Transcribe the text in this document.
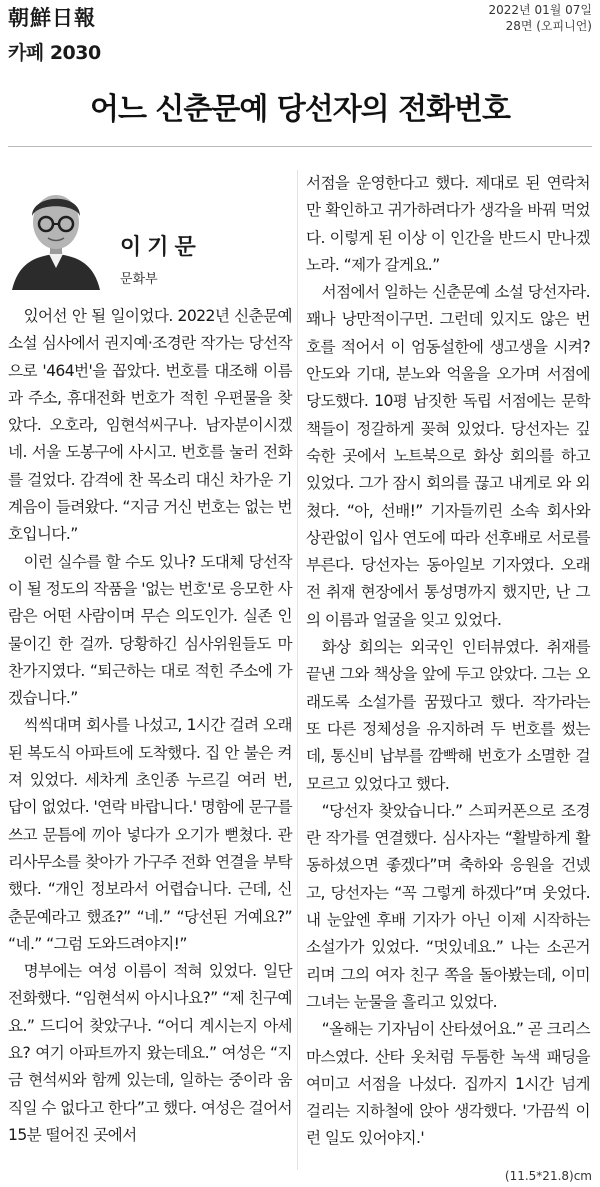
朝鮮日報
카페 2030
2022년 01월 07일
28면 (오피니언)
어느 신춘문예 당선자의 전화번호
이기문
문화부

있어선 안 될 일이었다. 2022년 신춘문예 소설 심사에서 권지예·조경란 작가는 당선작으로 '464번'을 꼽았다. 번호를 대조해 이름과 주소, 휴대전화 번호가 적힌 우편물을 찾았다. 오호라, 임현석씨구나. 남자분이시겠네. 서울 도봉구에 사시고. 번호를 눌러 전화를 걸었다. 감격에 찬 목소리 대신 차가운 기계음이 들려왔다. “지금 거신 번호는 없는 번호입니다.”

이런 실수를 할 수도 있나? 도대체 당선작이 될 정도의 작품을 '없는 번호'로 응모한 사람은 어떤 사람이며 무슨 의도인가. 실존 인물이긴 한 걸까. 당황하긴 심사위원들도 마찬가지였다. “퇴근하는 대로 적힌 주소에 가겠습니다.”

씩씩대며 회사를 나섰고, 1시간 걸려 오래된 복도식 아파트에 도착했다. 집 안 불은 켜져 있었다. 세차게 초인종 누르길 여러 번, 답이 없었다. '연락 바랍니다.' 명함에 문구를 쓰고 문틈에 끼아 넣다가 오기가 뻗쳤다. 관리사무소를 찾아가 가구주 전화 연결을 부탁했다. “개인 정보라서 어렵습니다. 근데, 신춘문예라고 했죠?” “네.” “당선된 거예요?” “네.” “그럼 도와드려야지!”

명부에는 여성 이름이 적혀 있었다. 일단 전화했다. “임현석씨 아시나요?” “제 친구예요.” 드디어 찾았구나. “어디 계시는지 아세요? 여기 아파트까지 왔는데요.” 여성은 “지금 현석씨와 함께 있는데, 일하는 중이라 움직일 수 없다고 한다”고 했다. 여성은 걸어서 15분 떨어진 곳에서

서점을 운영한다고 했다. 제대로 된 연락처만 확인하고 귀가하려다가 생각을 바꿔 먹었다. 이렇게 된 이상 이 인간을 반드시 만나겠노라. “제가 갈게요.”

서점에서 일하는 신춘문예 소설 당선자라. 꽤나 낭만적이구먼. 그런데 있지도 않은 번호를 적어서 이 엄동설한에 생고생을 시켜? 안도와 기대, 분노와 억울을 오가며 서점에 당도했다. 10평 남짓한 독립 서점에는 문학 책들이 정갈하게 꽂혀 있었다. 당선자는 깊숙한 곳에서 노트북으로 화상 회의를 하고 있었다. 그가 잠시 회의를 끊고 내게로 와 외쳤다. “아, 선배!” 기자들끼린 소속 회사와 상관없이 입사 연도에 따라 선후배로 서로를 부른다. 당선자는 동아일보 기자였다. 오래전 취재 현장에서 통성명까지 했지만, 난 그의 이름과 얼굴을 잊고 있었다.

화상 회의는 외국인 인터뷰였다. 취재를 끝낸 그와 책상을 앞에 두고 앉았다. 그는 오래도록 소설가를 꿈꿨다고 했다. 작가라는 또 다른 정체성을 유지하려 두 번호를 썼는데, 통신비 납부를 깜빡해 번호가 소멸한 걸 모르고 있었다고 했다.

“당선자 찾았습니다.” 스피커폰으로 조경란 작가를 연결했다. 심사자는 “활발하게 활동하셨으면 좋겠다”며 축하와 응원을 건넸고, 당선자는 “꼭 그렇게 하겠다”며 웃었다. 내 눈앞엔 후배 기자가 아닌 이제 시작하는 소설가가 있었다. “멋있네요.” 나는 소곤거리며 그의 여자 친구 쪽을 돌아봤는데, 이미 그녀는 눈물을 흘리고 있었다.

“올해는 기자님이 산타셨어요.” 곧 크리스마스였다. 산타 옷처럼 두툼한 녹색 패딩을 여미고 서점을 나섰다. 집까지 1시간 넘게 걸리는 지하철에 앉아 생각했다. '가끔씩 이런 일도 있어야지.'

(11.5*21.8)cm
